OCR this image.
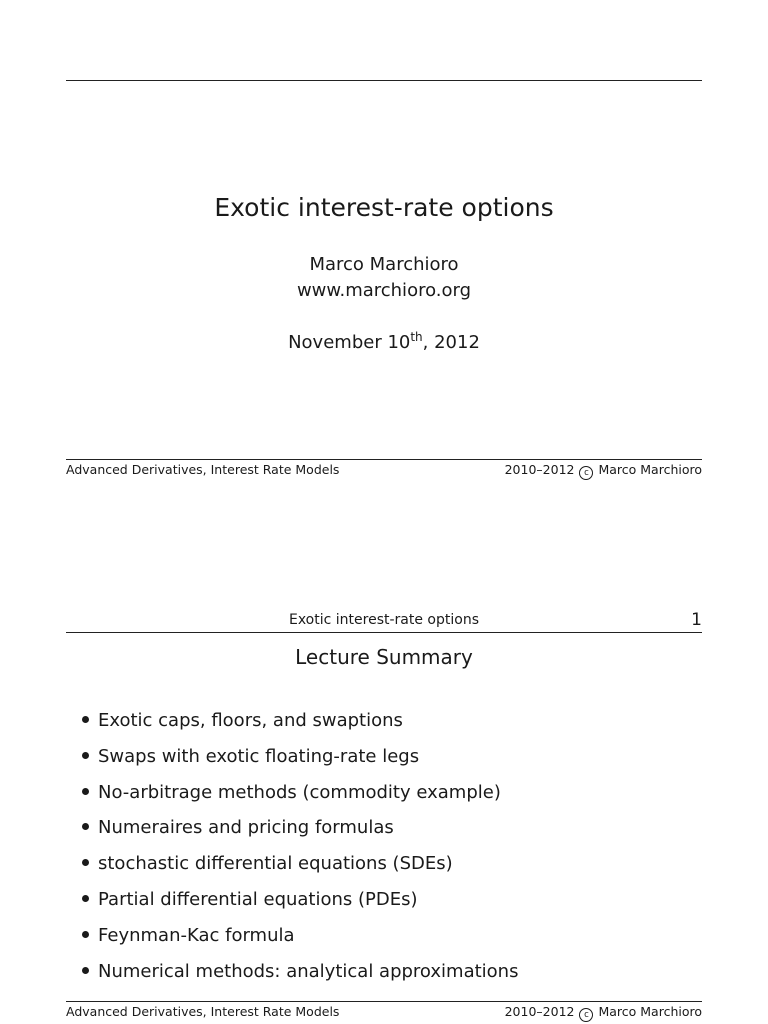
Exotic interest-rate options
Marco Marchioro
www.marchioro.org
November 10th, 2012
Advanced Derivatives, Interest Rate Models	2010–2012 c Marco Marchioro
Exotic interest-rate options	1
Lecture Summary
Exotic caps, floors, and swaptions
Swaps with exotic floating-rate legs
No-arbitrage methods (commodity example)
Numeraires and pricing formulas
stochastic differential equations (SDEs)
Partial differential equations (PDEs)
Feynman-Kac formula
Numerical methods: analytical approximations
Advanced Derivatives, Interest Rate Models	2010–2012 c Marco Marchioro
